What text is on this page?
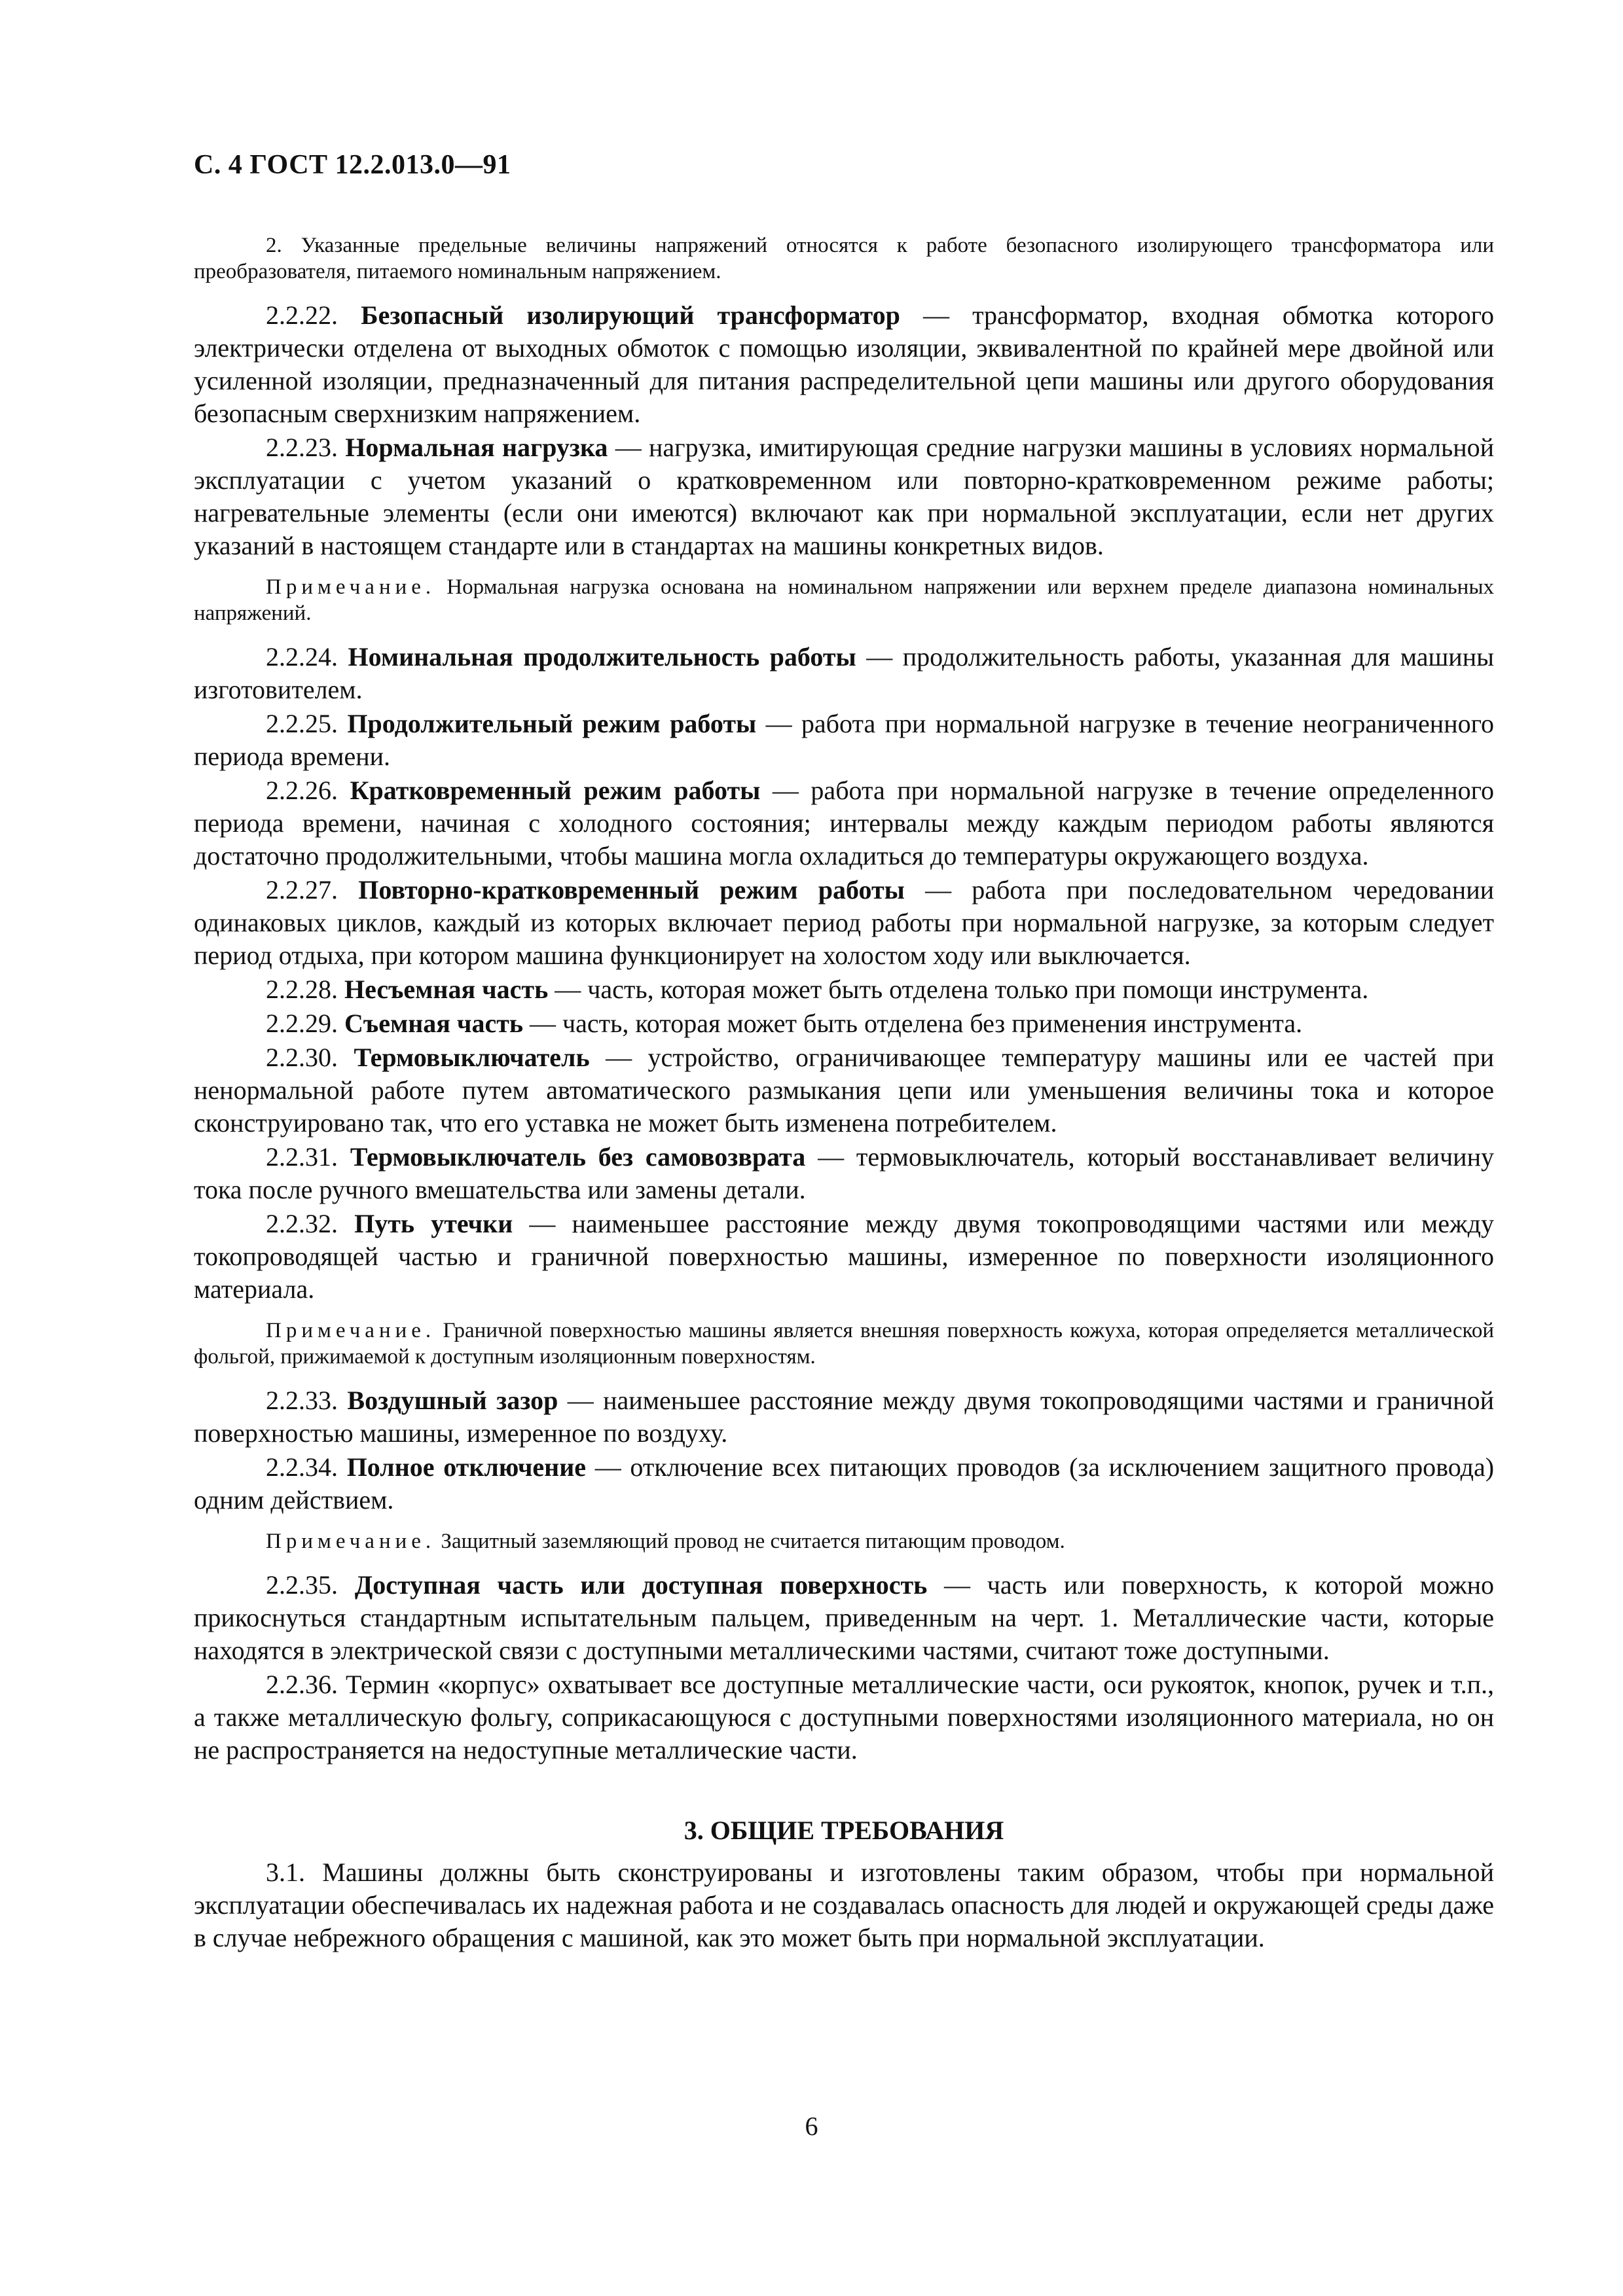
С. 4 ГОСТ 12.2.013.0—91

2. Указанные предельные величины напряжений относятся к работе безопасного изолирующего трансформатора или преобразователя, питаемого номинальным напряжением.

2.2.22. Безопасный изолирующий трансформатор — трансформатор, входная обмотка которого электрически отделена от выходных обмоток с помощью изоляции, эквивалентной по крайней мере двойной или усиленной изоляции, предназначенный для питания распределительной цепи машины или другого оборудования безопасным сверхнизким напряжением.

2.2.23. Нормальная нагрузка — нагрузка, имитирующая средние нагрузки машины в условиях нормальной эксплуатации с учетом указаний о кратковременном или повторно-кратковременном режиме работы; нагревательные элементы (если они имеются) включают как при нормальной эксплуатации, если нет других указаний в настоящем стандарте или в стандартах на машины конкретных видов.

Примечание. Нормальная нагрузка основана на номинальном напряжении или верхнем пределе диапазона номинальных напряжений.

2.2.24. Номинальная продолжительность работы — продолжительность работы, указанная для машины изготовителем.

2.2.25. Продолжительный режим работы — работа при нормальной нагрузке в течение неограниченного периода времени.

2.2.26. Кратковременный режим работы — работа при нормальной нагрузке в течение определенного периода времени, начиная с холодного состояния; интервалы между каждым периодом работы являются достаточно продолжительными, чтобы машина могла охладиться до температуры окружающего воздуха.

2.2.27. Повторно-кратковременный режим работы — работа при последовательном чередовании одинаковых циклов, каждый из которых включает период работы при нормальной нагрузке, за которым следует период отдыха, при котором машина функционирует на холостом ходу или выключается.

2.2.28. Несъемная часть — часть, которая может быть отделена только при помощи инструмента.

2.2.29. Съемная часть — часть, которая может быть отделена без применения инструмента.

2.2.30. Термовыключатель — устройство, ограничивающее температуру машины или ее частей при ненормальной работе путем автоматического размыкания цепи или уменьшения величины тока и которое сконструировано так, что его уставка не может быть изменена потребителем.

2.2.31. Термовыключатель без самовозврата — термовыключатель, который восстанавливает величину тока после ручного вмешательства или замены детали.

2.2.32. Путь утечки — наименьшее расстояние между двумя токопроводящими частями или между токопроводящей частью и граничной поверхностью машины, измеренное по поверхности изоляционного материала.

Примечание. Граничной поверхностью машины является внешняя поверхность кожуха, которая определяется металлической фольгой, прижимаемой к доступным изоляционным поверхностям.

2.2.33. Воздушный зазор — наименьшее расстояние между двумя токопроводящими частями и граничной поверхностью машины, измеренное по воздуху.

2.2.34. Полное отключение — отключение всех питающих проводов (за исключением защитного провода) одним действием.

Примечание. Защитный заземляющий провод не считается питающим проводом.

2.2.35. Доступная часть или доступная поверхность — часть или поверхность, к которой можно прикоснуться стандартным испытательным пальцем, приведенным на черт. 1. Металлические части, которые находятся в электрической связи с доступными металлическими частями, считают тоже доступными.

2.2.36. Термин «корпус» охватывает все доступные металлические части, оси рукояток, кнопок, ручек и т.п., а также металлическую фольгу, соприкасающуюся с доступными поверхностями изоляционного материала, но он не распространяется на недоступные металлические части.

3. ОБЩИЕ ТРЕБОВАНИЯ

3.1. Машины должны быть сконструированы и изготовлены таким образом, чтобы при нормальной эксплуатации обеспечивалась их надежная работа и не создавалась опасность для людей и окружающей среды даже в случае небрежного обращения с машиной, как это может быть при нормальной эксплуатации.

6
